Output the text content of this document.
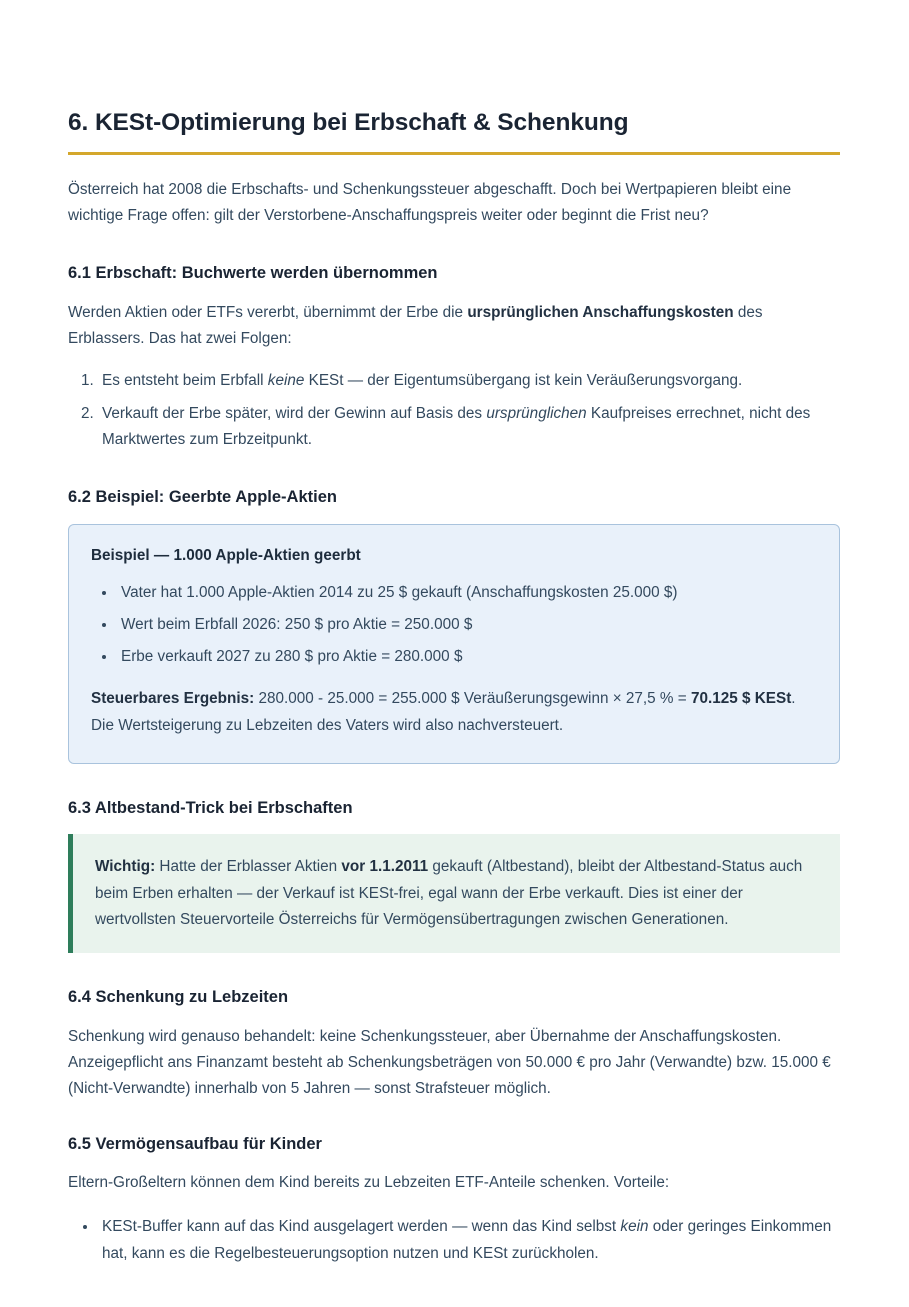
6. KESt-Optimierung bei Erbschaft & Schenkung

Österreich hat 2008 die Erbschafts- und Schenkungssteuer abgeschafft. Doch bei Wertpapieren bleibt eine wichtige Frage offen: gilt der Verstorbene-Anschaffungspreis weiter oder beginnt die Frist neu?

6.1 Erbschaft: Buchwerte werden übernommen

Werden Aktien oder ETFs vererbt, übernimmt der Erbe die ursprünglichen Anschaffungskosten des Erblassers. Das hat zwei Folgen:

1. Es entsteht beim Erbfall keine KESt — der Eigentumsübergang ist kein Veräußerungsvorgang.
2. Verkauft der Erbe später, wird der Gewinn auf Basis des ursprünglichen Kaufpreises errechnet, nicht des Marktwertes zum Erbzeitpunkt.
6.2 Beispiel: Geerbte Apple-Aktien

Beispiel — 1.000 Apple-Aktien geerbt

• Vater hat 1.000 Apple-Aktien 2014 zu 25 $ gekauft (Anschaffungskosten 25.000 $)
• Wert beim Erbfall 2026: 250 $ pro Aktie = 250.000 $
• Erbe verkauft 2027 zu 280 $ pro Aktie = 280.000 $

Steuerbares Ergebnis: 280.000 - 25.000 = 255.000 $ Veräußerungsgewinn × 27,5 % = 70.125 $ KESt. Die Wertsteigerung zu Lebzeiten des Vaters wird also nachversteuert.

6.3 Altbestand-Trick bei Erbschaften

Wichtig: Hatte der Erblasser Aktien vor 1.1.2011 gekauft (Altbestand), bleibt der Altbestand-Status auch beim Erben erhalten — der Verkauf ist KESt-frei, egal wann der Erbe verkauft. Dies ist einer der wertvollsten Steuervorteile Österreichs für Vermögensübertragungen zwischen Generationen.

6.4 Schenkung zu Lebzeiten

Schenkung wird genauso behandelt: keine Schenkungssteuer, aber Übernahme der Anschaffungskosten. Anzeigepflicht ans Finanzamt besteht ab Schenkungsbeträgen von 50.000 € pro Jahr (Verwandte) bzw. 15.000 € (Nicht-Verwandte) innerhalb von 5 Jahren — sonst Strafsteuer möglich.

6.5 Vermögensaufbau für Kinder

Eltern-Großeltern können dem Kind bereits zu Lebzeiten ETF-Anteile schenken. Vorteile:

• KESt-Buffer kann auf das Kind ausgelagert werden — wenn das Kind selbst kein oder geringes Einkommen hat, kann es die Regelbesteuerungsoption nutzen und KESt zurückholen.
